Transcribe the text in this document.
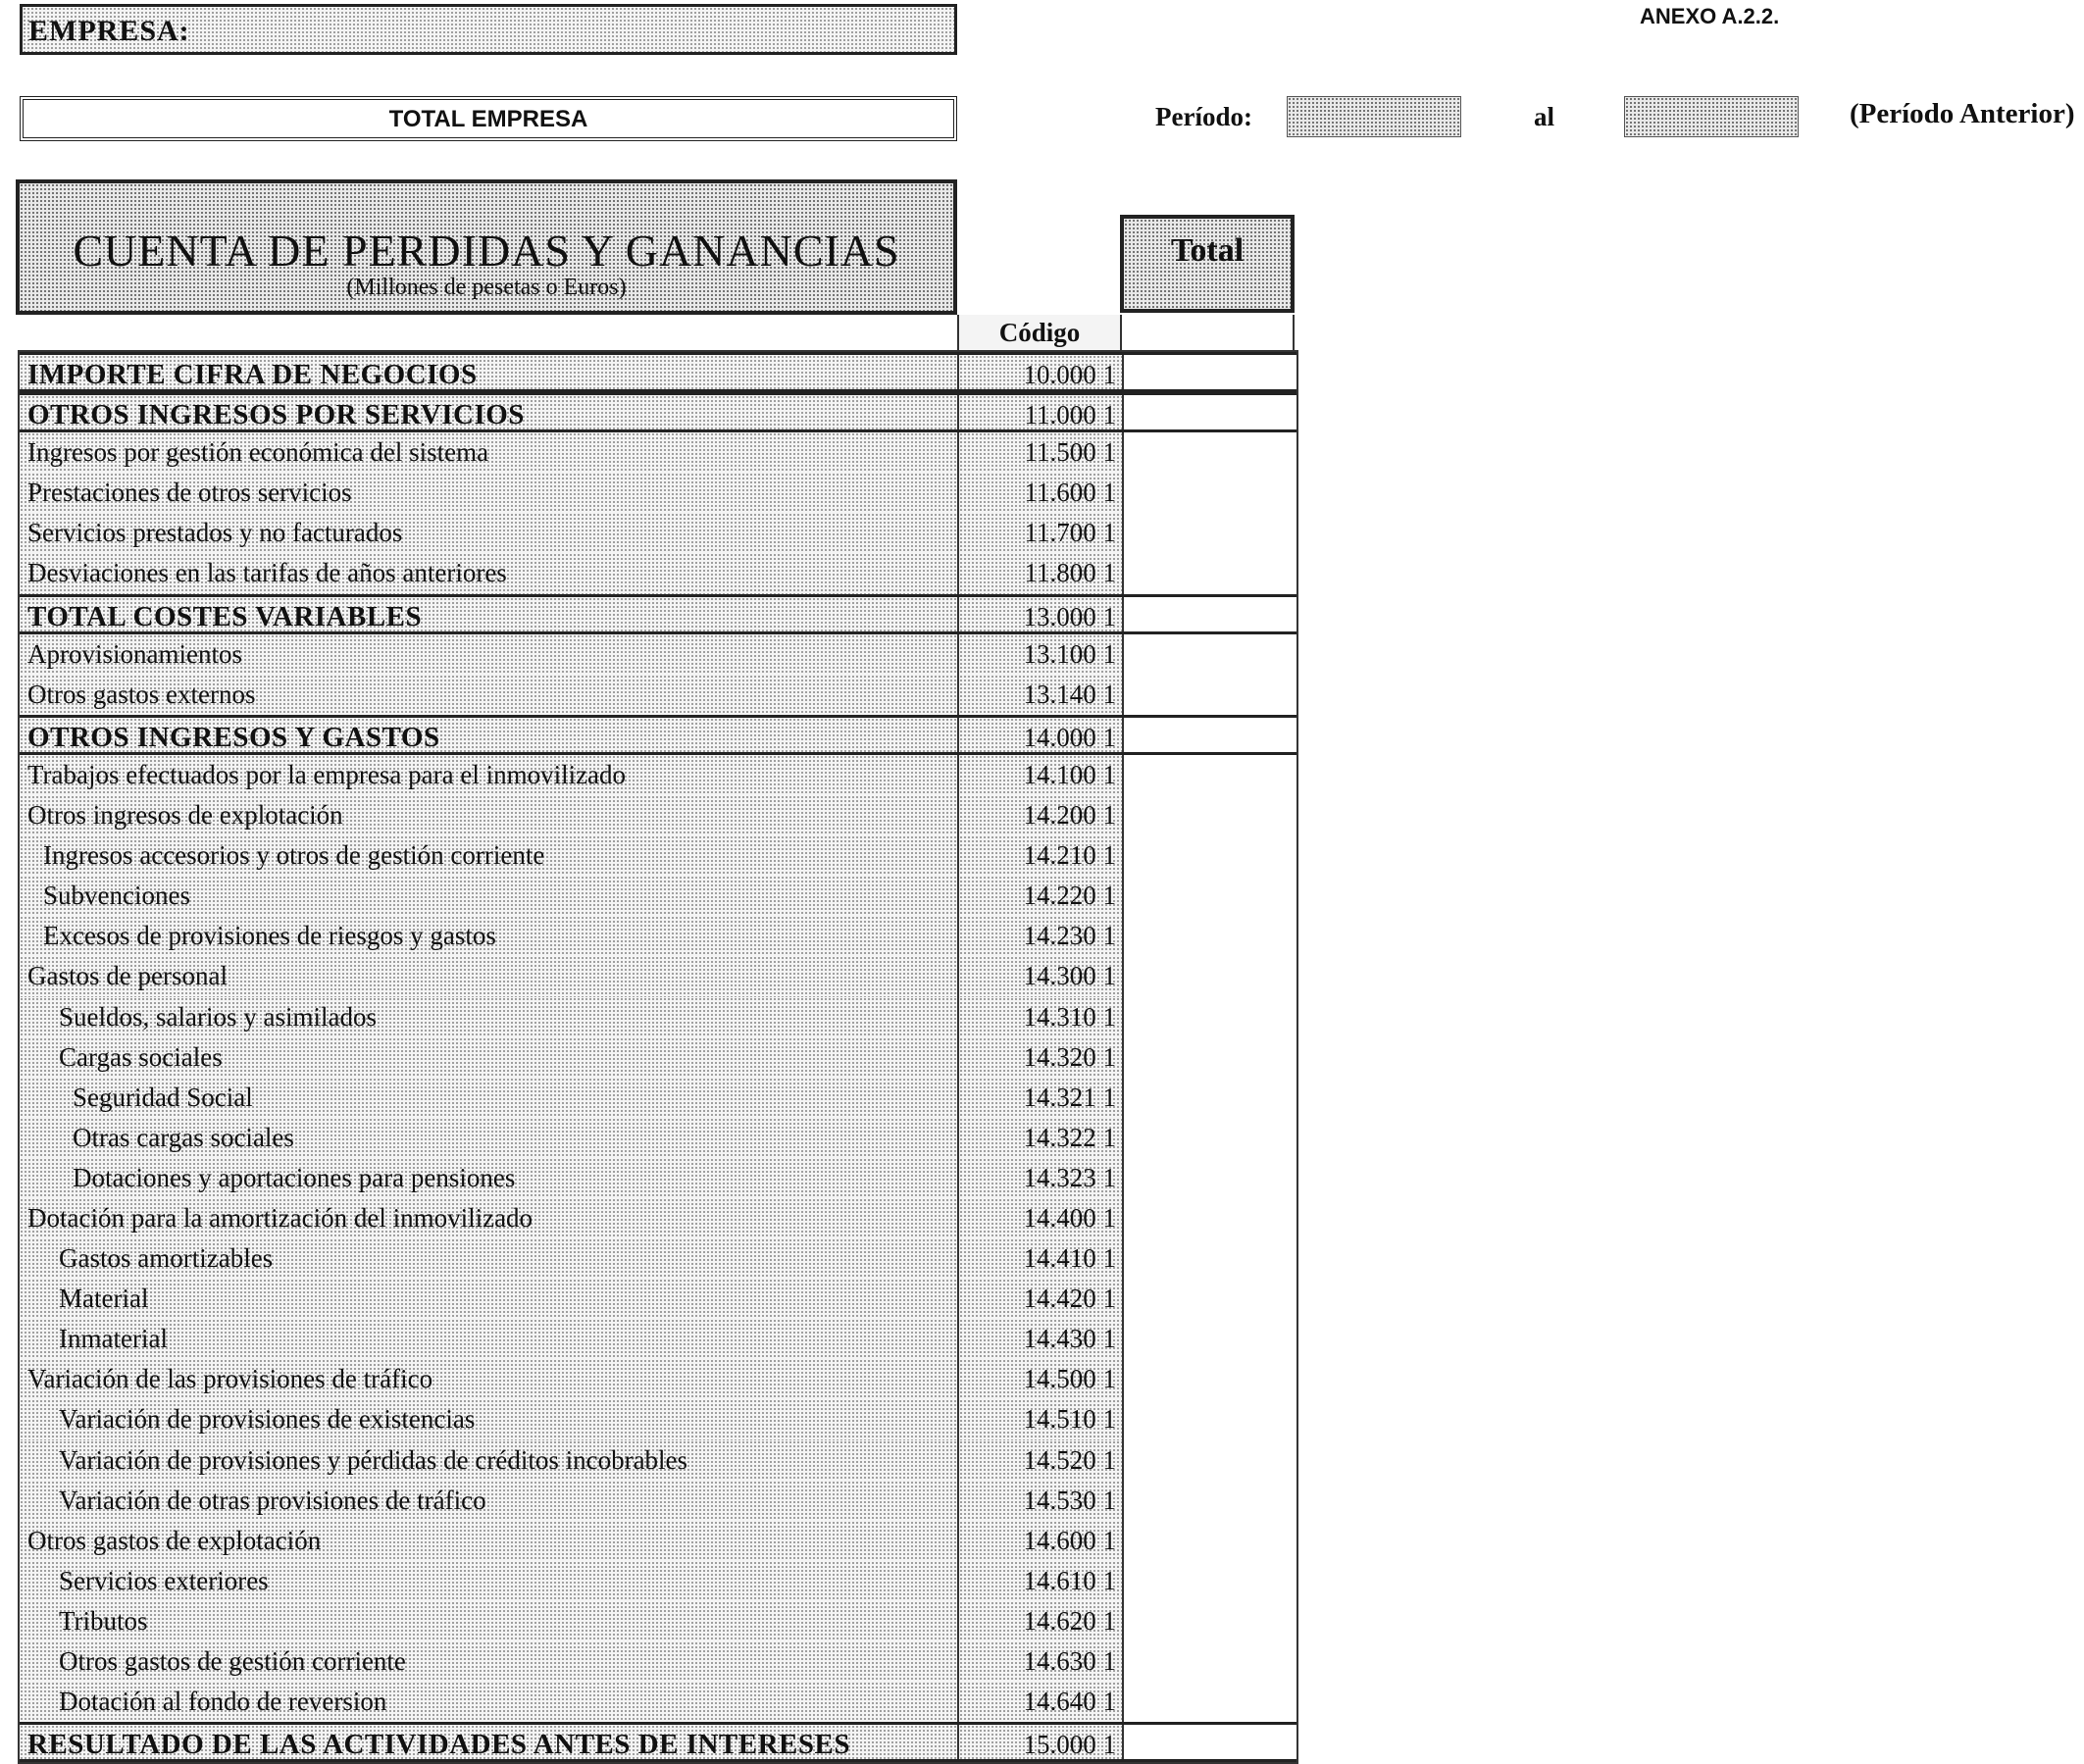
EMPRESA:	ANEXO A.2.2.
TOTAL EMPRESA	Período:	al	(Período Anterior)
CUENTA DE PERDIDAS Y GANANCIAS
(Millones de pesetas o Euros)
Total
Código
IMPORTE CIFRA DE NEGOCIOS	10.000 1
OTROS INGRESOS POR SERVICIOS	11.000 1
Ingresos por gestión económica del sistema	11.500 1
Prestaciones de otros servicios	11.600 1
Servicios prestados y no facturados	11.700 1
Desviaciones en las tarifas de años anteriores	11.800 1
TOTAL COSTES VARIABLES	13.000 1
Aprovisionamientos	13.100 1
Otros gastos externos	13.140 1
OTROS INGRESOS Y GASTOS	14.000 1
Trabajos efectuados por la empresa para el inmovilizado	14.100 1
Otros ingresos de explotación	14.200 1
Ingresos accesorios y otros de gestión corriente	14.210 1
Subvenciones	14.220 1
Excesos de provisiones de riesgos y gastos	14.230 1
Gastos de personal	14.300 1
Sueldos, salarios y asimilados	14.310 1
Cargas sociales	14.320 1
Seguridad Social	14.321 1
Otras cargas sociales	14.322 1
Dotaciones y aportaciones para pensiones	14.323 1
Dotación para la amortización del inmovilizado	14.400 1
Gastos amortizables	14.410 1
Material	14.420 1
Inmaterial	14.430 1
Variación de las provisiones de tráfico	14.500 1
Variación de provisiones de existencias	14.510 1
Variación de provisiones y pérdidas de créditos incobrables	14.520 1
Variación de otras provisiones de tráfico	14.530 1
Otros gastos de explotación	14.600 1
Servicios exteriores	14.610 1
Tributos	14.620 1
Otros gastos de gestión corriente	14.630 1
Dotación al fondo de reversion	14.640 1
RESULTADO DE LAS ACTIVIDADES ANTES DE INTERESES	15.000 1
